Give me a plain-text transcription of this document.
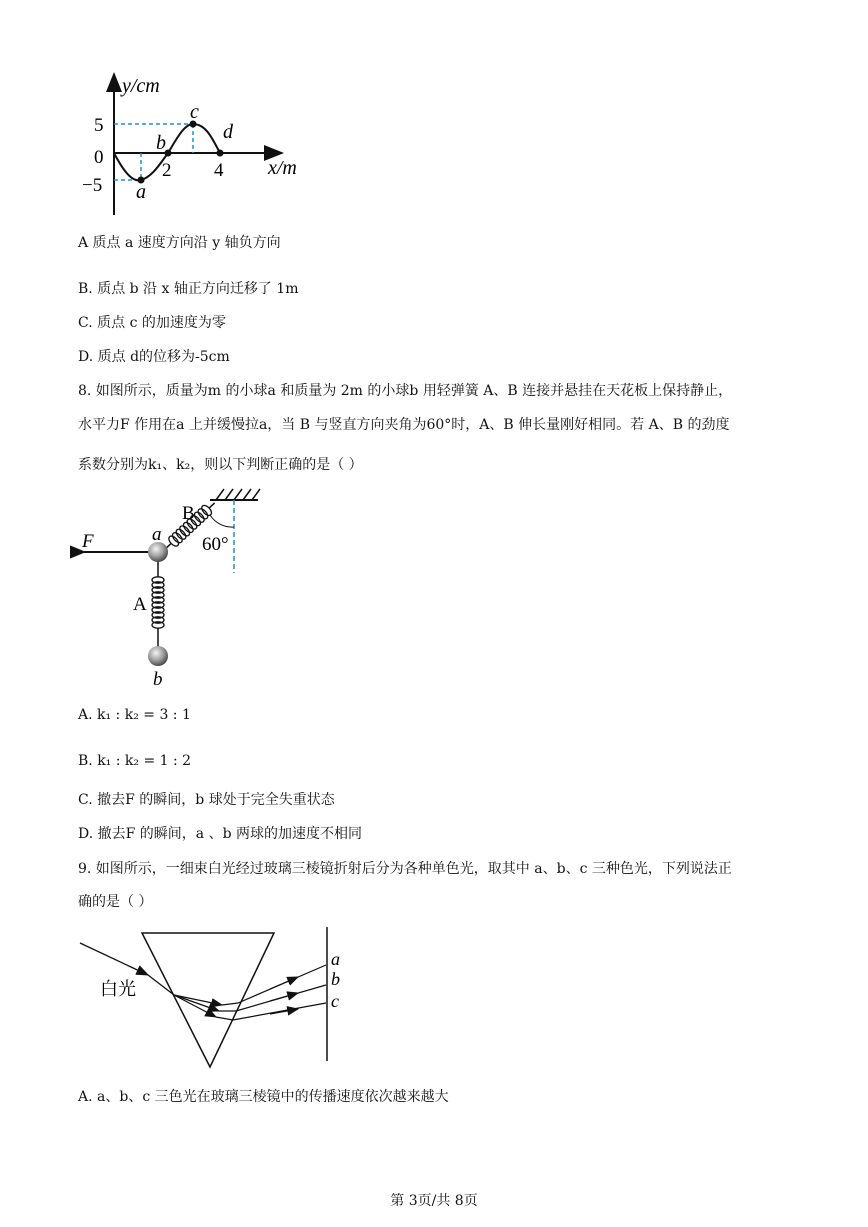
y/cm
x/m
5
0
−5
2 4
a
b
c
d
A 质点 a 速度方向沿 y 轴负方向
B. 质点 b 沿 x 轴正方向迁移了 1m
C. 质点 c 的加速度为零
D. 质点 d的位移为-5cm
8. 如图所示，质量为m 的小球a 和质量为 2m 的小球b 用轻弹簧 A、B 连接并悬挂在天花板上保持静止，
水平力F 作用在a 上并缓慢拉a，当 B 与竖直方向夹角为60°时，A、B 伸长量刚好相同。若 A、B 的劲度
系数分别为k₁、k₂，则以下判断正确的是（ ）
F	a
b
A
B
60°
A. k₁ : k₂ = 3 : 1
B. k₁ : k₂ = 1 : 2
C. 撤去F 的瞬间，b 球处于完全失重状态
D. 撤去F 的瞬间，a 、b 两球的加速度不相同
9. 如图所示，一细束白光经过玻璃三棱镜折射后分为各种单色光，取其中 a、b、c 三种色光，下列说法正
确的是（ ）
白光
a
b
c
A. a、b、c 三色光在玻璃三棱镜中的传播速度依次越来越大
第 3页/共 8页
